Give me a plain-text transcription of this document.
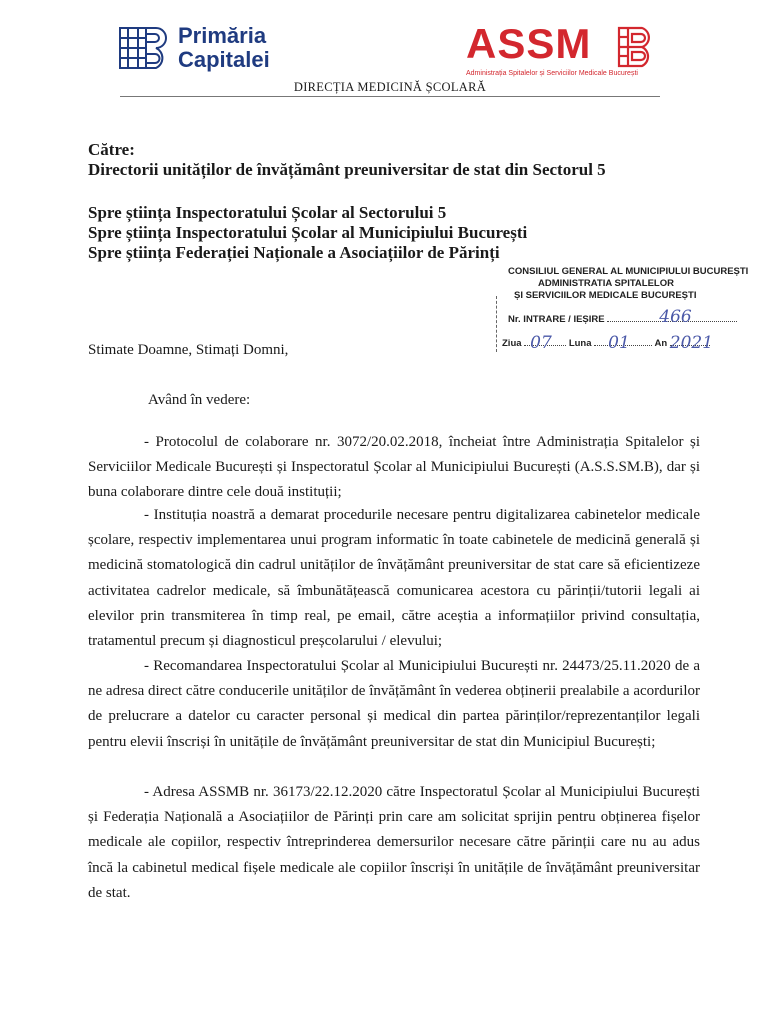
Primăria
Capitalei	ASSM
Administrația Spitalelor și Serviciilor Medicale București
DIRECȚIA MEDICINĂ ȘCOLARĂ
Către:
Directorii unităților de învățământ preuniversitar de stat din Sectorul 5
Spre știința Inspectoratului Școlar al Sectorului 5
Spre știința Inspectoratului Școlar al Municipiului București
Spre știința Federației Naționale a Asociațiilor de Părinți
CONSILIUL GENERAL AL MUNICIPIULUI BUCUREȘTI
ADMINISTRATIA SPITALELOR
ȘI SERVICIILOR MEDICALE BUCUREȘTI
Nr. INTRARE / IEȘIRE	466
Ziua 07 Luna 01	An 2021
Stimate Doamne, Stimați Domni,
Având în vedere:
- Protocolul de colaborare nr. 3072/20.02.2018, încheiat între Administrația Spitalelor și Serviciilor Medicale București și Inspectoratul Școlar al Municipiului București (A.S.S.SM.B), dar și buna colaborare dintre cele două instituții;
- Instituția noastră a demarat procedurile necesare pentru digitalizarea cabinetelor medicale școlare, respectiv implementarea unui program informatic în toate cabinetele de medicină generală și medicină stomatologică din cadrul unităților de învățământ preuniversitar de stat care să eficientizeze activitatea cadrelor medicale, să îmbunătățească comunicarea acestora cu părinții/tutorii legali ai elevilor prin transmiterea în timp real, pe email, către aceștia a informațiilor privind consultația, tratamentul precum și diagnosticul preșcolarului / elevului;
- Recomandarea Inspectoratului Școlar al Municipiului București nr. 24473/25.11.2020 de a ne adresa direct către conducerile unităților de învățământ în vederea obținerii prealabile a acordurilor de prelucrare a datelor cu caracter personal și medical din partea părinților/reprezentanților legali pentru elevii înscriși în unitățile de învățământ preuniversitar de stat din Municipiul București;
- Adresa ASSMB nr. 36173/22.12.2020 către Inspectoratul Școlar al Municipiului București și Federația Națională a Asociațiilor de Părinți prin care am solicitat sprijin pentru obținerea fișelor medicale ale copiilor, respectiv întreprinderea demersurilor necesare către părinții care nu au adus încă la cabinetul medical fișele medicale ale copiilor înscriși în unitățile de învățământ preuniversitar de stat.
